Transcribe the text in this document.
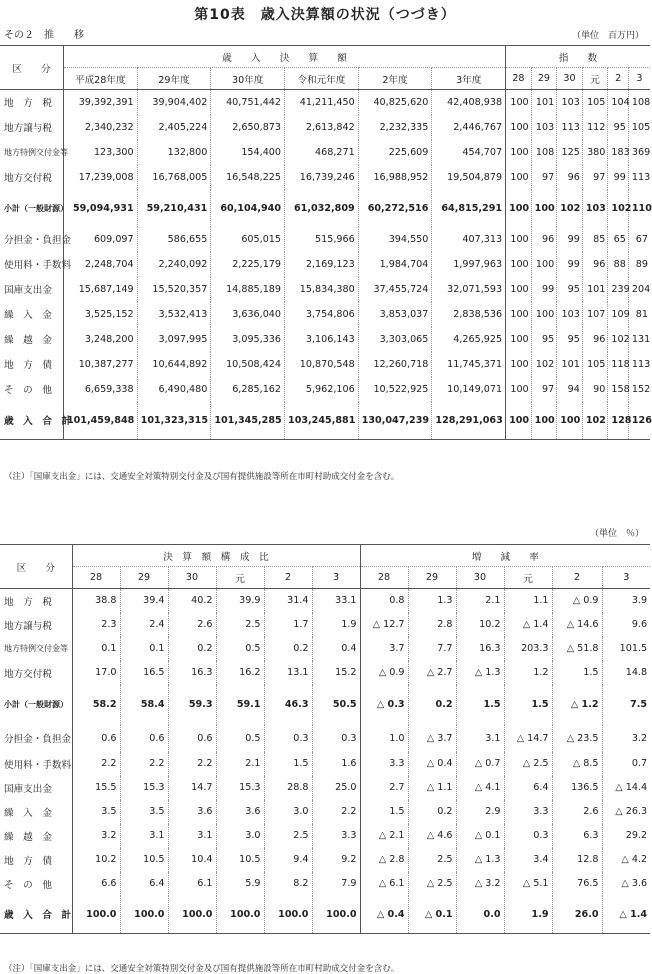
第10表　歳入決算額の状況（つづき）
その２　推　　移	（単位　百万円）
区　　分	歳　　入　　決　　算　　額						指　　数					
	平成28年度	29年度	30年度	令和元年度	2年度	3年度	28	29	30	元	2	3
地　方　税	39,392,391	39,904,402	40,751,442	41,211,450	40,825,620	42,408,938	100	101	103	105	104	108
地方譲与税	2,340,232	2,405,224	2,650,873	2,613,842	2,232,335	2,446,767	100	103	113	112	95	105
地方特例交付金等	123,300	132,800	154,400	468,271	225,609	454,707	100	108	125	380	183	369
地方交付税	17,239,008	16,768,005	16,548,225	16,739,246	16,988,952	19,504,879	100	97	96	97	99	113
小計（一般財源）	59,094,931	59,210,431	60,104,940	61,032,809	60,272,516	64,815,291	100	100	102	103	102	110
分担金・負担金	609,097	586,655	605,015	515,966	394,550	407,313	100	96	99	85	65	67
使用料・手数料	2,248,704	2,240,092	2,225,179	2,169,123	1,984,704	1,997,963	100	100	99	96	88	89
国庫支出金	15,687,149	15,520,357	14,885,189	15,834,380	37,455,724	32,071,593	100	99	95	101	239	204
繰　入　金	3,525,152	3,532,413	3,636,040	3,754,806	3,853,037	2,838,536	100	100	103	107	109	81
繰　越　金	3,248,200	3,097,995	3,095,336	3,106,143	3,303,065	4,265,925	100	95	95	96	102	131
地　方　債	10,387,277	10,644,892	10,508,424	10,870,548	12,260,718	11,745,371	100	102	101	105	118	113
そ　の　他	6,659,338	6,490,480	6,285,162	5,962,106	10,522,925	10,149,071	100	97	94	90	158	152
歳　入　合　計	101,459,848	101,323,315	101,345,285	103,245,881	130,047,239	128,291,063	100	100	100	102	128	126
（注）「国庫支出金」には、交通安全対策特別交付金及び国有提供施設等所在市町村助成交付金を含む。
（単位　％）
区　　分	決　算　額　構　成　比						増　　減　　率					
	28	29	30	元	2	3	28	29	30	元	2	3
地　方　税	38.8	39.4	40.2	39.9	31.4	33.1	0.8	1.3	2.1	1.1	△ 0.9	3.9
地方譲与税	2.3	2.4	2.6	2.5	1.7	1.9	△ 12.7	2.8	10.2	△ 1.4	△ 14.6	9.6
地方特例交付金等	0.1	0.1	0.2	0.5	0.2	0.4	3.7	7.7	16.3	203.3	△ 51.8	101.5
地方交付税	17.0	16.5	16.3	16.2	13.1	15.2	△ 0.9	△ 2.7	△ 1.3	1.2	1.5	14.8
小計（一般財源）	58.2	58.4	59.3	59.1	46.3	50.5	△ 0.3	0.2	1.5	1.5	△ 1.2	7.5
分担金・負担金	0.6	0.6	0.6	0.5	0.3	0.3	1.0	△ 3.7	3.1	△ 14.7	△ 23.5	3.2
使用料・手数料	2.2	2.2	2.2	2.1	1.5	1.6	3.3	△ 0.4	△ 0.7	△ 2.5	△ 8.5	0.7
国庫支出金	15.5	15.3	14.7	15.3	28.8	25.0	2.7	△ 1.1	△ 4.1	6.4	136.5	△ 14.4
繰　入　金	3.5	3.5	3.6	3.6	3.0	2.2	1.5	0.2	2.9	3.3	2.6	△ 26.3
繰　越　金	3.2	3.1	3.1	3.0	2.5	3.3	△ 2.1	△ 4.6	△ 0.1	0.3	6.3	29.2
地　方　債	10.2	10.5	10.4	10.5	9.4	9.2	△ 2.8	2.5	△ 1.3	3.4	12.8	△ 4.2
そ　の　他	6.6	6.4	6.1	5.9	8.2	7.9	△ 6.1	△ 2.5	△ 3.2	△ 5.1	76.5	△ 3.6
歳　入　合　計	100.0	100.0	100.0	100.0	100.0	100.0	△ 0.4	△ 0.1	0.0	1.9	26.0	△ 1.4
（注）「国庫支出金」には、交通安全対策特別交付金及び国有提供施設等所在市町村助成交付金を含む。
